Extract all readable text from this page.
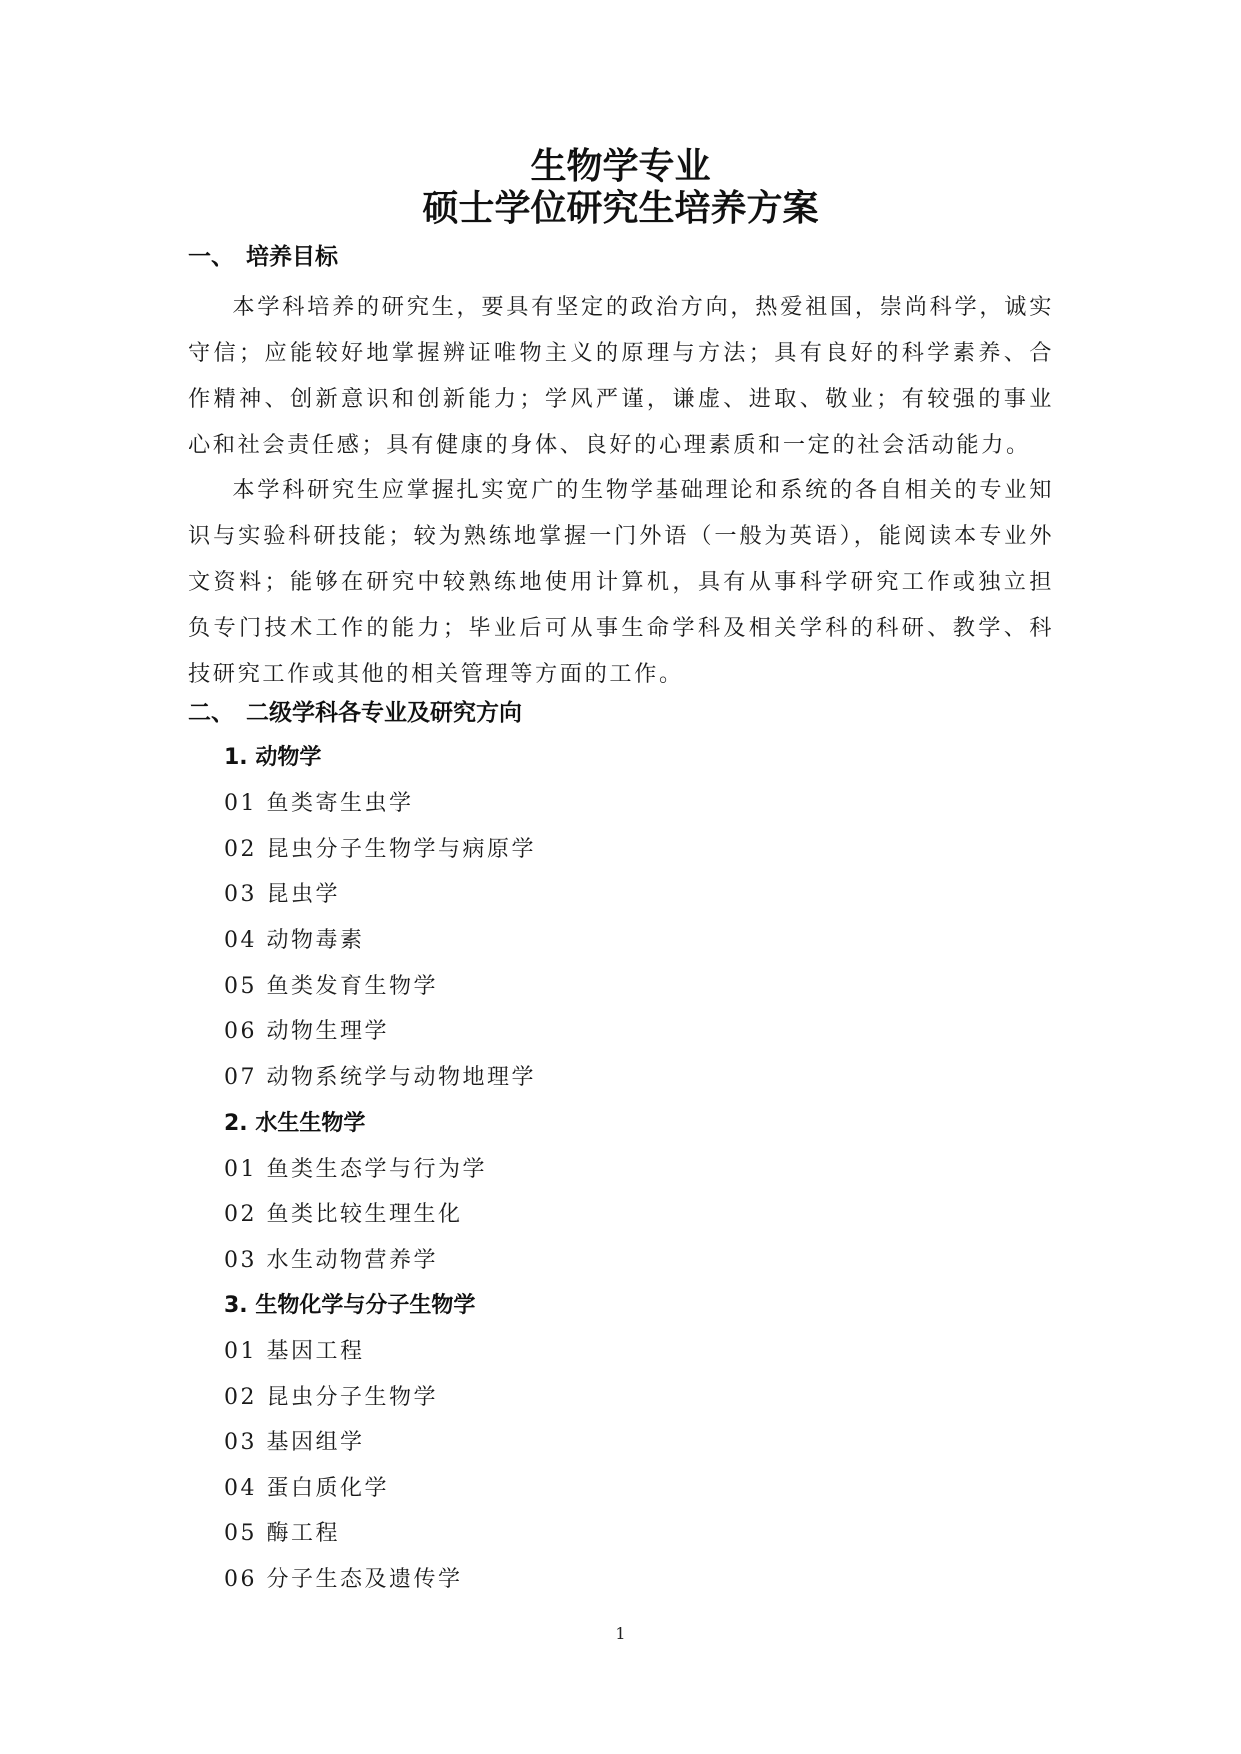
生物学专业
硕士学位研究生培养方案
一、 培养目标

本学科培养的研究生，要具有坚定的政治方向，热爱祖国，崇尚科学，诚实守信；应能较好地掌握辨证唯物主义的原理与方法；具有良好的科学素养、合作精神、创新意识和创新能力；学风严谨，谦虚、进取、敬业；有较强的事业心和社会责任感；具有健康的身体、良好的心理素质和一定的社会活动能力。

本学科研究生应掌握扎实宽广的生物学基础理论和系统的各自相关的专业知识与实验科研技能；较为熟练地掌握一门外语（一般为英语），能阅读本专业外文资料；能够在研究中较熟练地使用计算机，具有从事科学研究工作或独立担负专门技术工作的能力；毕业后可从事生命学科及相关学科的科研、教学、科技研究工作或其他的相关管理等方面的工作。

二、 二级学科各专业及研究方向
1. 动物学
01 鱼类寄生虫学
02 昆虫分子生物学与病原学
03 昆虫学
04 动物毒素
05 鱼类发育生物学
06 动物生理学
07 动物系统学与动物地理学
2. 水生生物学
01 鱼类生态学与行为学
02 鱼类比较生理生化
03 水生动物营养学
3. 生物化学与分子生物学
01 基因工程
02 昆虫分子生物学
03 基因组学
04 蛋白质化学
05 酶工程
06 分子生态及遗传学
1
